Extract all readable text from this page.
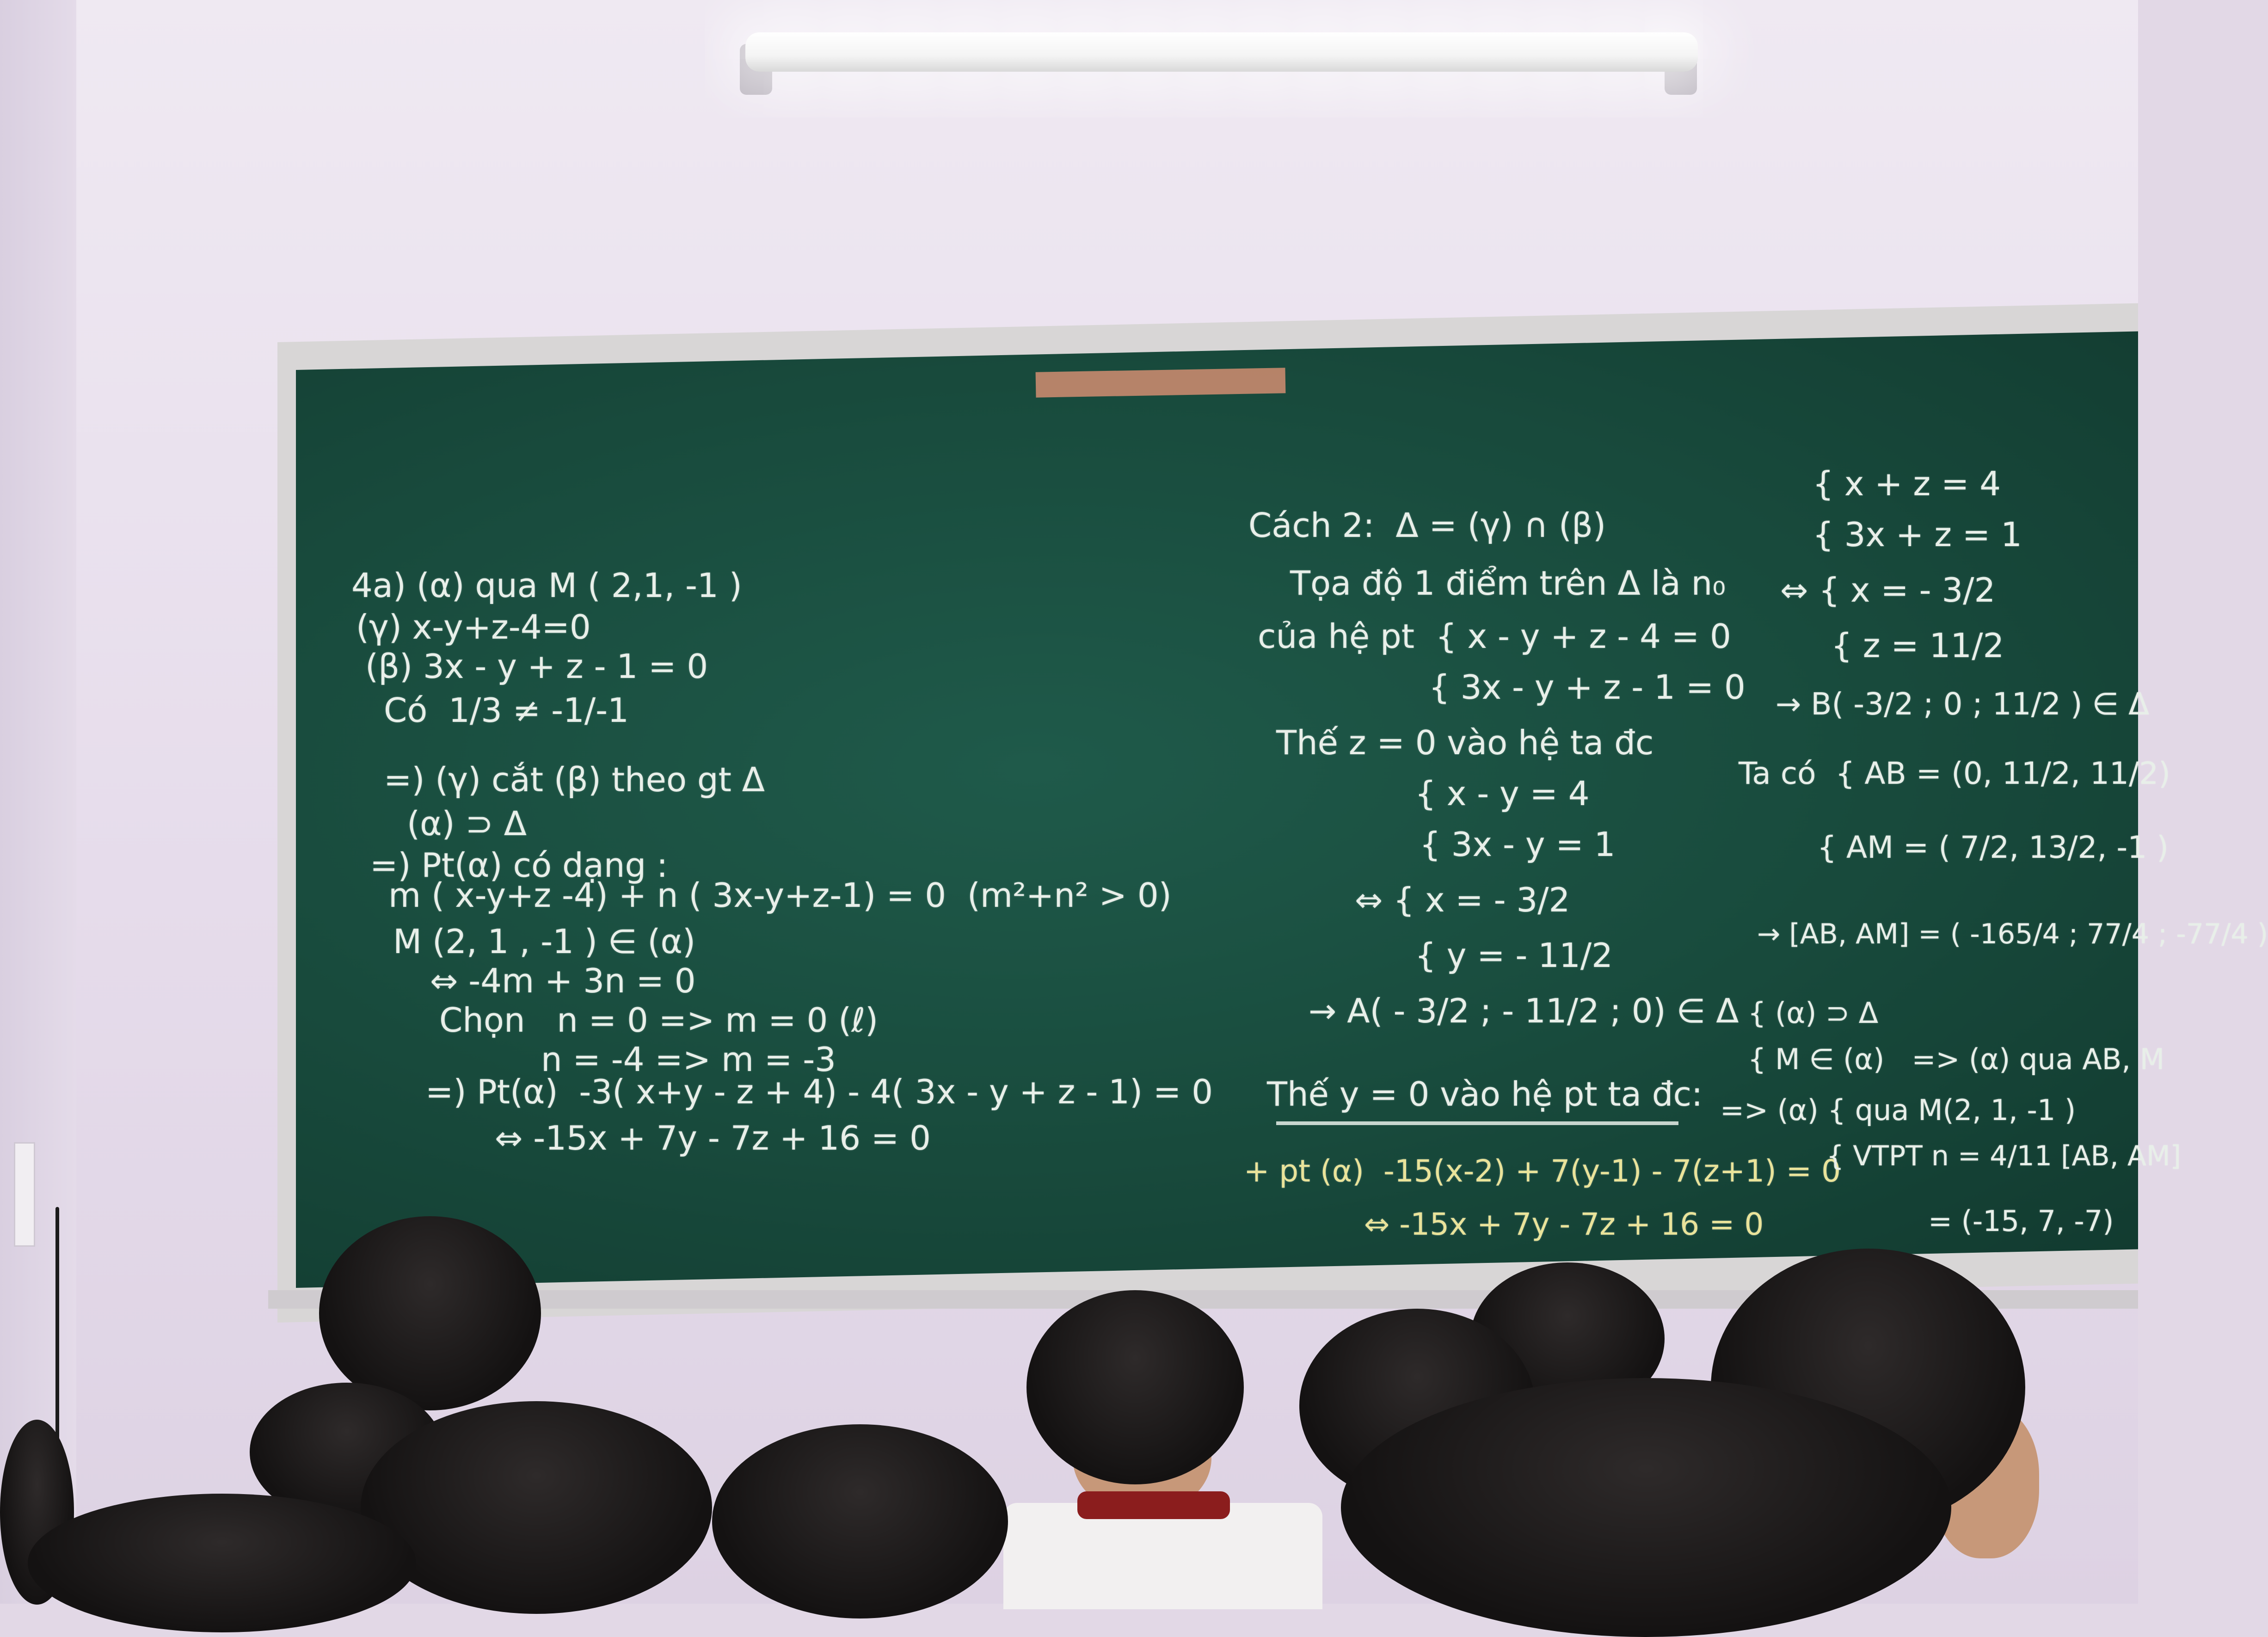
4a) (α) qua M ( 2,1, -1 )
(γ) x-y+z-4=0
(β) 3x - y + z - 1 = 0
Có  1/3 ≠ -1/-1
=) (γ) cắt (β) theo gt Δ
(α) ⊃ Δ
=) Pt(α) có dạng :
m ( x-y+z -4) + n ( 3x-y+z-1) = 0  (m²+n² > 0)
M (2, 1 , -1 ) ∈ (α)
⇔ -4m + 3n = 0
Chọn   n = 0 => m = 0 (ℓ)
n = -4 => m = -3
=) Pt(α)  -3( x+y - z + 4) - 4( 3x - y + z - 1) = 0
⇔ -15x + 7y - 7z + 16 = 0
Cách 2:  Δ = (γ) ∩ (β)
Tọa độ 1 điểm trên Δ là n₀
của hệ pt  { x - y + z - 4 = 0
{ 3x - y + z - 1 = 0
Thế z = 0 vào hệ ta đc
{ x - y = 4
{ 3x - y = 1
⇔ { x = - 3/2
{ y = - 11/2
→ A( - 3/2 ; - 11/2 ; 0) ∈ Δ
Thế y = 0 vào hệ pt ta đc:
+ pt (α)  -15(x-2) + 7(y-1) - 7(z+1) = 0
⇔ -15x + 7y - 7z + 16 = 0
{ x + z = 4
{ 3x + z = 1
⇔ { x = - 3/2
{ z = 11/2
→ B( -3/2 ; 0 ; 11/2 ) ∈ Δ
Ta có  { AB = (0, 11/2, 11/2)
{ AM = ( 7/2, 13/2, -1 )
→ [AB, AM] = ( -165/4 ; 77/4 ; -77/4 )
{ (α) ⊃ Δ
{ M ∈ (α)   => (α) qua AB, M
=> (α) { qua M(2, 1, -1 )
{ VTPT n = 4/11 [AB, AM]
= (-15, 7, -7)
